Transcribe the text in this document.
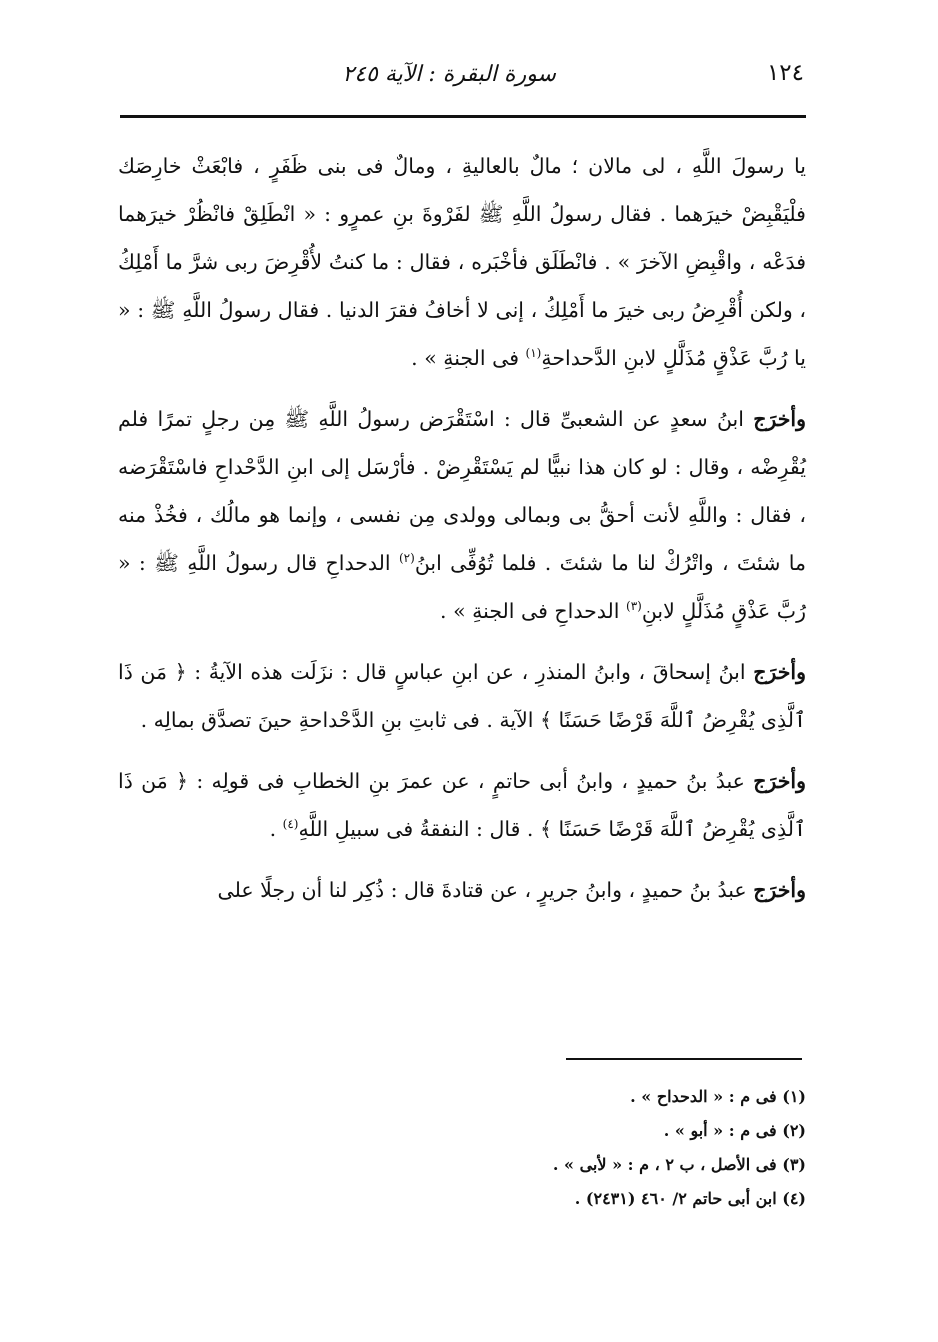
١٢٤
سورة البقرة : الآية ٢٤٥

يا رسولَ اللَّهِ ، لى مالان ؛ مالٌ بالعاليةِ ، ومالٌ فى بنى ظَفَرٍ ، فابْعَثْ خارِصَك فلْيَقْبِضْ خيرَهما . فقال رسولُ اللَّهِ ﷺ لفَرْوةَ بنِ عمرٍو : « انْطَلِقْ فانْظُرْ خيرَهما فدَعْه ، واقْبِضِ الآخرَ » . فانْطَلَق فأخْبَره ، فقال : ما كنتُ لأُقْرِضَ ربى شرَّ ما أَمْلِكُ ، ولكن أُقْرِضُ ربى خيرَ ما أَمْلِكُ ، إنى لا أخافُ فقرَ الدنيا . فقال رسولُ اللَّهِ ﷺ : « يا رُبَّ عَذْقٍ مُذَلَّلٍ لابنِ الدَّحداحةِ$^{(١)}$ فى الجنةِ » .

وأخرَج ابنُ سعدٍ عن الشعبىِّ قال : اسْتَقْرَض رسولُ اللَّهِ ﷺ مِن رجلٍ تمرًا فلم يُقْرِضْه ، وقال : لو كان هذا نبيًّا لم يَسْتَقْرِضْ . فأرْسَل إلى ابنِ الدَّحْداحِ فاسْتَقْرَضه ، فقال : واللَّهِ لأنت أحقُّ بى وبمالى وولدى مِن نفسى ، وإنما هو مالُك ، فخُذْ منه ما شئتَ ، واتْرُكْ لنا ما شئتَ . فلما تُوُفِّى ابنُ$^{(٢)}$ الدحداحِ قال رسولُ اللَّهِ ﷺ : « رُبَّ عَذْقٍ مُذَلَّلٍ لابنِ$^{(٣)}$ الدحداحِ فى الجنةِ » .

وأخرَج ابنُ إسحاقَ ، وابنُ المنذرِ ، عن ابنِ عباسٍ قال : نزَلَت هذه الآيةُ : ﴿ مَن ذَا ٱلَّذِى يُقْرِضُ ٱللَّهَ قَرْضًا حَسَنًا ﴾ الآية . فى ثابتِ بنِ الدَّحْداحةِ حينَ تصدَّق بمالِه .

وأخرَج عبدُ بنُ حميدٍ ، وابنُ أبى حاتمٍ ، عن عمرَ بنِ الخطابِ فى قولِه : ﴿ مَن ذَا ٱلَّذِى يُقْرِضُ ٱللَّهَ قَرْضًا حَسَنًا ﴾ . قال : النفقةُ فى سبيلِ اللَّهِ$^{(٤)}$ .

وأخرَج عبدُ بنُ حميدٍ ، وابنُ جريرٍ ، عن قتادةَ قال : ذُكِر لنا أن رجلًا على

(١) فى م : « الدحداح » .

(٢) فى م : « أبو » .

(٣) فى الأصل ، ب ٢ ، م : « لأبى » .

(٤) ابن أبى حاتم ٢/ ٤٦٠ (٢٤٣١) .
